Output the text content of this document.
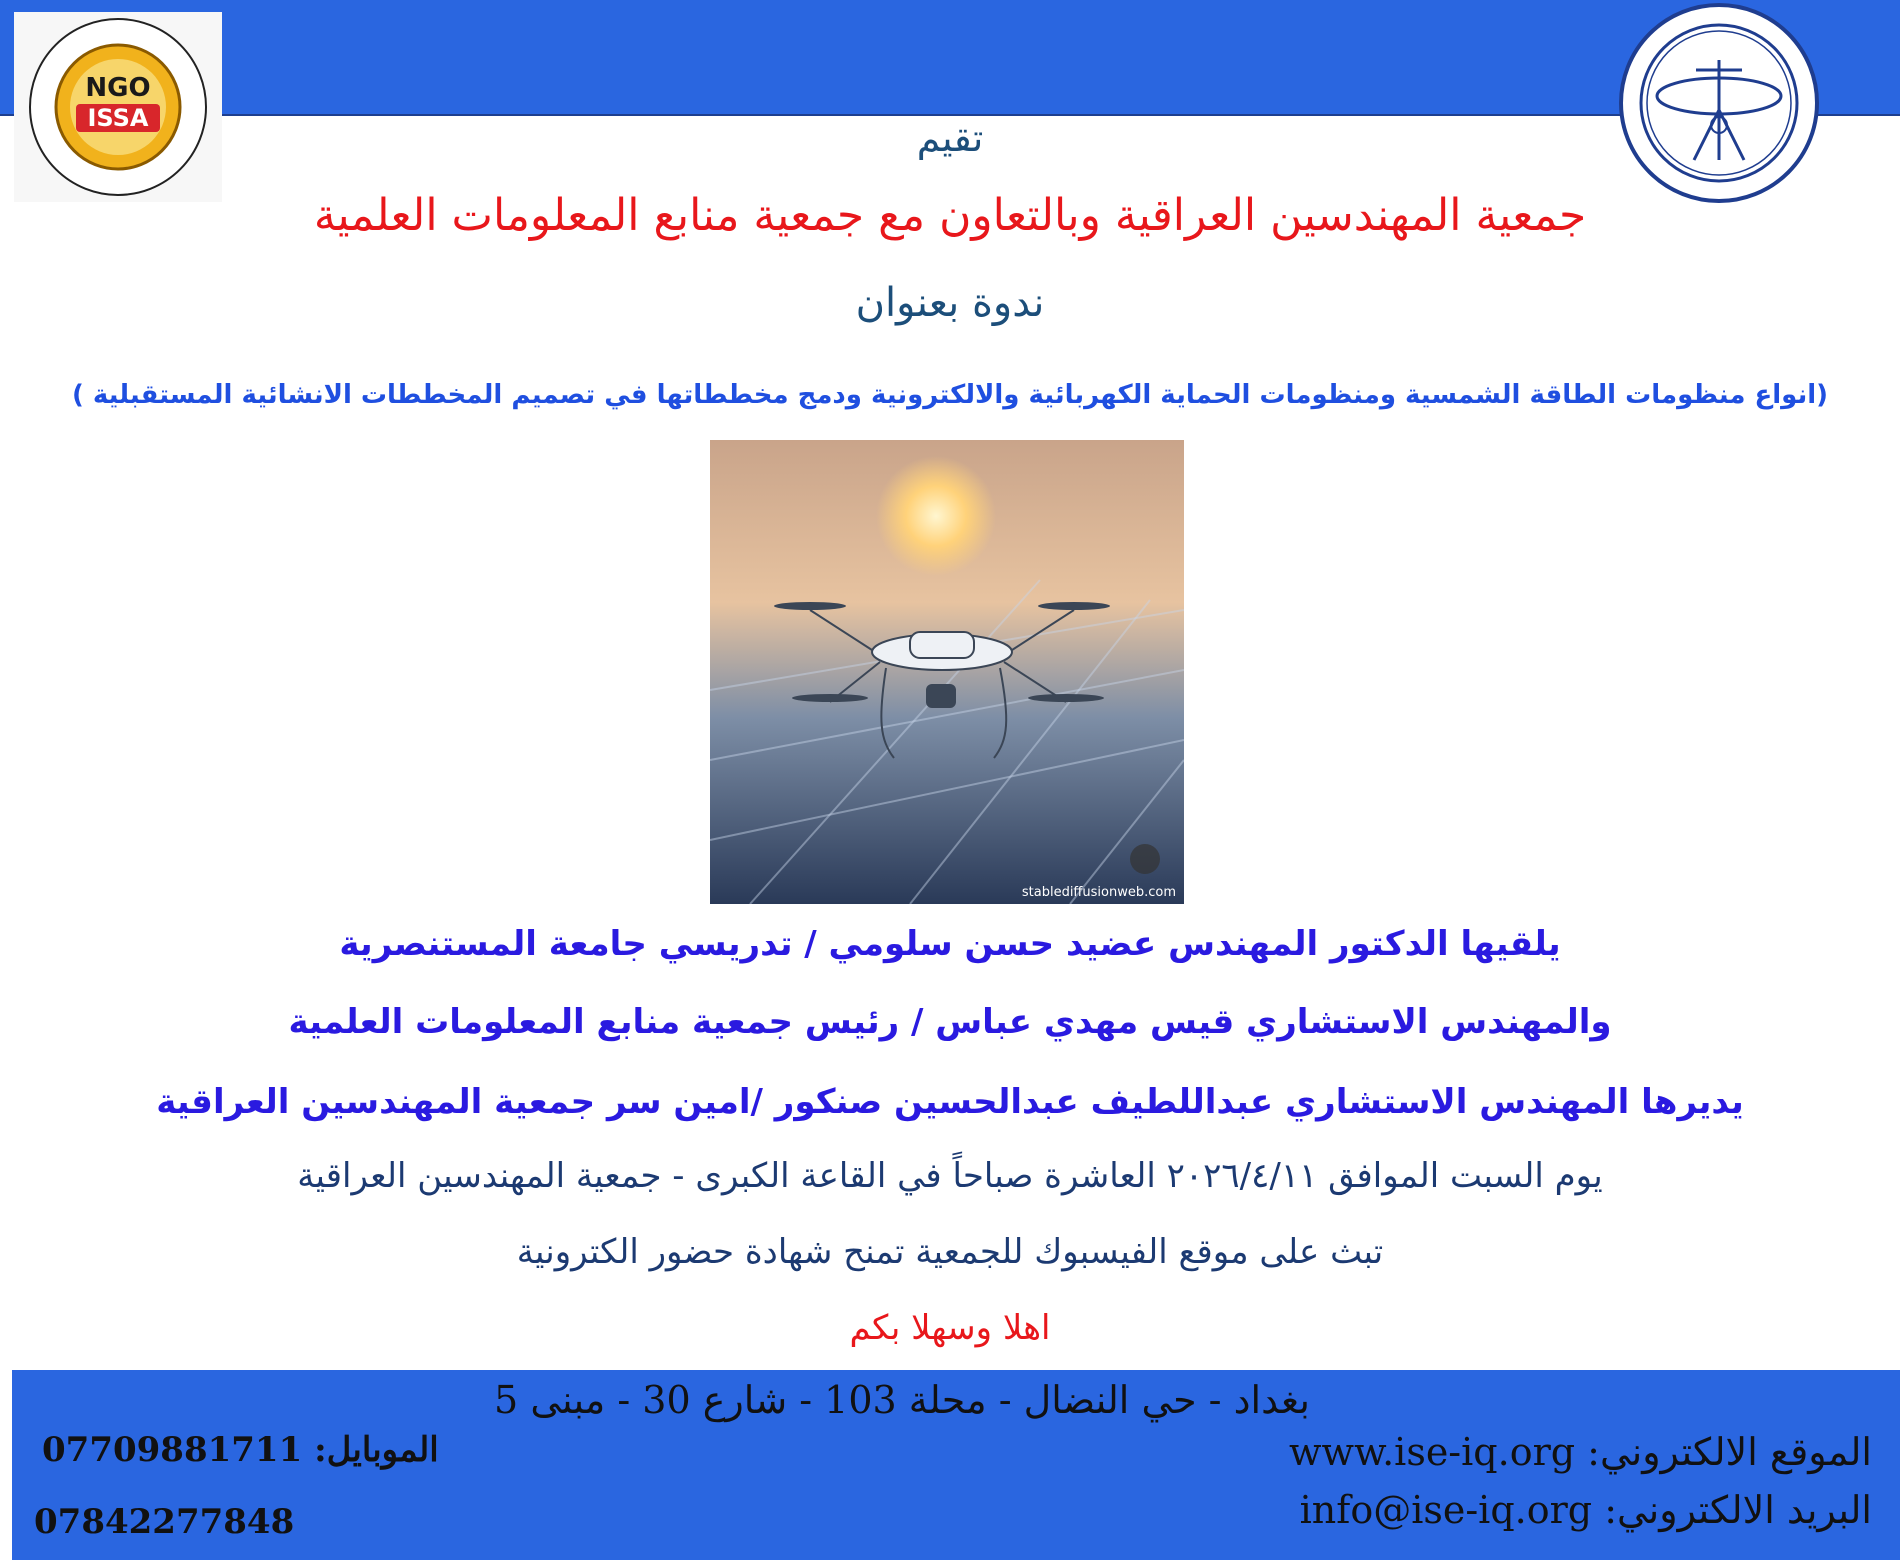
NGO
ISSA	تقيم
جمعية المهندسين العراقية وبالتعاون مع جمعية منابع المعلومات العلمية
ندوة بعنوان
(انواع منظومات الطاقة الشمسية ومنظومات الحماية الكهربائية والالكترونية ودمج مخططاتها في تصميم المخططات الانشائية المستقبلية )
stablediffusionweb.com
يلقيها الدكتور المهندس عضيد حسن سلومي / تدريسي جامعة المستنصرية
والمهندس الاستشاري قيس مهدي عباس / رئيس جمعية منابع المعلومات العلمية
يديرها المهندس الاستشاري عبداللطيف عبدالحسين صنكور /امين سر جمعية المهندسين العراقية
يوم السبت الموافق ٢٠٢٦/٤/١١ العاشرة صباحاً في القاعة الكبرى - جمعية المهندسين العراقية
تبث على موقع الفيسبوك للجمعية تمنح شهادة حضور الكترونية
اهلا وسهلا بكم
بغداد - حي النضال - محلة 103 - شارع 30 - مبنى 5
الموقع الالكتروني: www.ise-iq.org
البريد الالكتروني: info@ise-iq.org
الموبايل: 07709881711
07842277848
